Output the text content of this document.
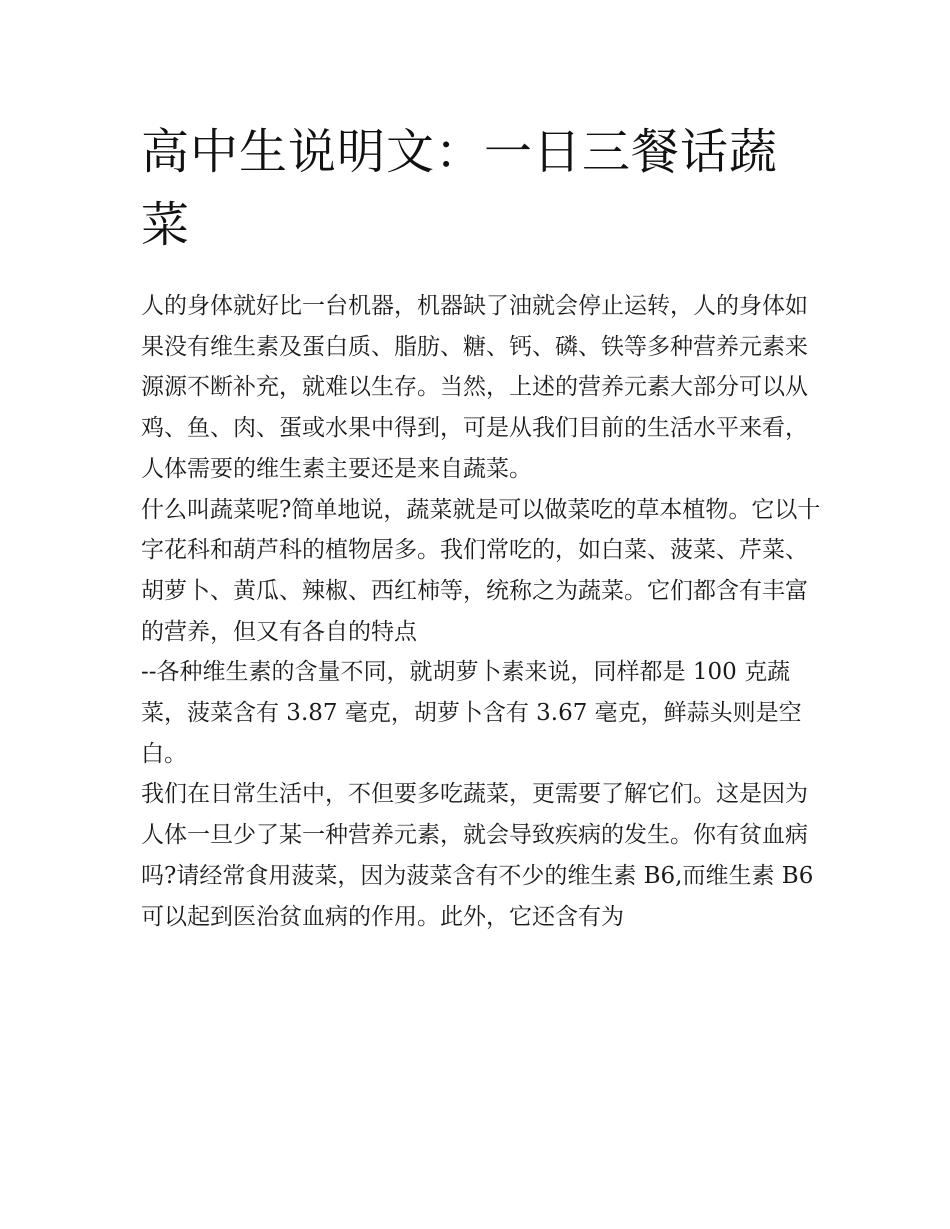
高中生说明文：一日三餐话蔬菜

人的身体就好比一台机器，机器缺了油就会停止运转，人的身体如果没有维生素及蛋白质、脂肪、糖、钙、磷、铁等多种营养元素来源源不断补充，就难以生存。当然，上述的营养元素大部分可以从鸡、鱼、肉、蛋或水果中得到，可是从我们目前的生活水平来看，人体需要的维生素主要还是来自蔬菜。

什么叫蔬菜呢?简单地说，蔬菜就是可以做菜吃的草本植物。它以十字花科和葫芦科的植物居多。我们常吃的，如白菜、菠菜、芹菜、胡萝卜、黄瓜、辣椒、西红柿等，统称之为蔬菜。它们都含有丰富的营养，但又有各自的特点

--各种维生素的含量不同，就胡萝卜素来说，同样都是 100 克蔬菜，菠菜含有 3.87 毫克，胡萝卜含有 3.67 毫克，鲜蒜头则是空白。

我们在日常生活中，不但要多吃蔬菜，更需要了解它们。这是因为人体一旦少了某一种营养元素，就会导致疾病的发生。你有贫血病吗?请经常食用菠菜，因为菠菜含有不少的维生素 B6,而维生素 B6 可以起到医治贫血病的作用。此外，它还含有为
